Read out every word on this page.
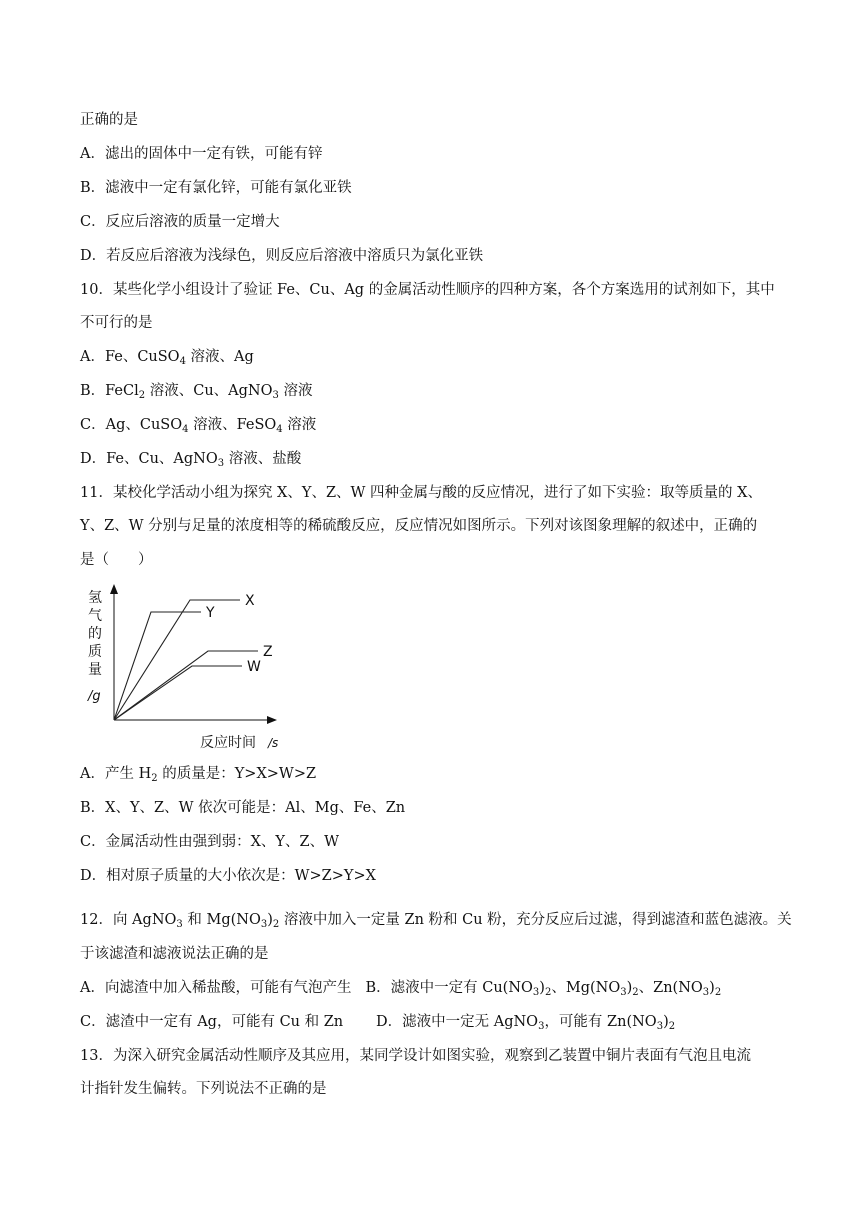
正确的是
A．滤出的固体中一定有铁，可能有锌
B．滤液中一定有氯化锌，可能有氯化亚铁
C．反应后溶液的质量一定增大
D．若反应后溶液为浅绿色，则反应后溶液中溶质只为氯化亚铁
10．某些化学小组设计了验证 Fe、Cu、Ag 的金属活动性顺序的四种方案，各个方案选用的试剂如下，其中
不可行的是
A．Fe、CuSO$_4$ 溶液、Ag
B．FeCl$_2$ 溶液、Cu、AgNO$_3$ 溶液
C．Ag、CuSO$_4$ 溶液、FeSO$_4$ 溶液
D．Fe、Cu、AgNO$_3$ 溶液、盐酸
11．某校化学活动小组为探究 X、Y、Z、W 四种金属与酸的反应情况，进行了如下实验：取等质量的 X、
Y、Z、W 分别与足量的浓度相等的稀硫酸反应，反应情况如图所示。下列对该图象理解的叙述中，正确的
是（　　）
氢
气
的
质
量
/g
X
Y
Z
W
反应时间 /s
A．产生 $H_2$ 的质量是：Y>X>W>Z
B．X、Y、Z、W 依次可能是：Al、Mg、Fe、Zn
C．金属活动性由强到弱：X、Y、Z、W
D．相对原子质量的大小依次是：W>Z>Y>X
12．向 AgNO$_3$ 和 $Mg(NO_3)_2$ 溶液中加入一定量 Zn 粉和 Cu 粉，充分反应后过滤，得到滤渣和蓝色滤液。关
于该滤渣和滤液说法正确的是
A．向滤渣中加入稀盐酸，可能有气泡产生 B．滤液中一定有 $Cu(NO_3)_2$、$Mg(NO_3)_2$、$Zn(NO_3)_2$
C．滤渣中一定有 Ag，可能有 Cu 和 Zn D．滤液中一定无 AgNO$_3$，可能有 $Zn(NO_3)_2$
13．为深入研究金属活动性顺序及其应用，某同学设计如图实验，观察到乙装置中铜片表面有气泡且电流
计指针发生偏转。下列说法不正确的是
